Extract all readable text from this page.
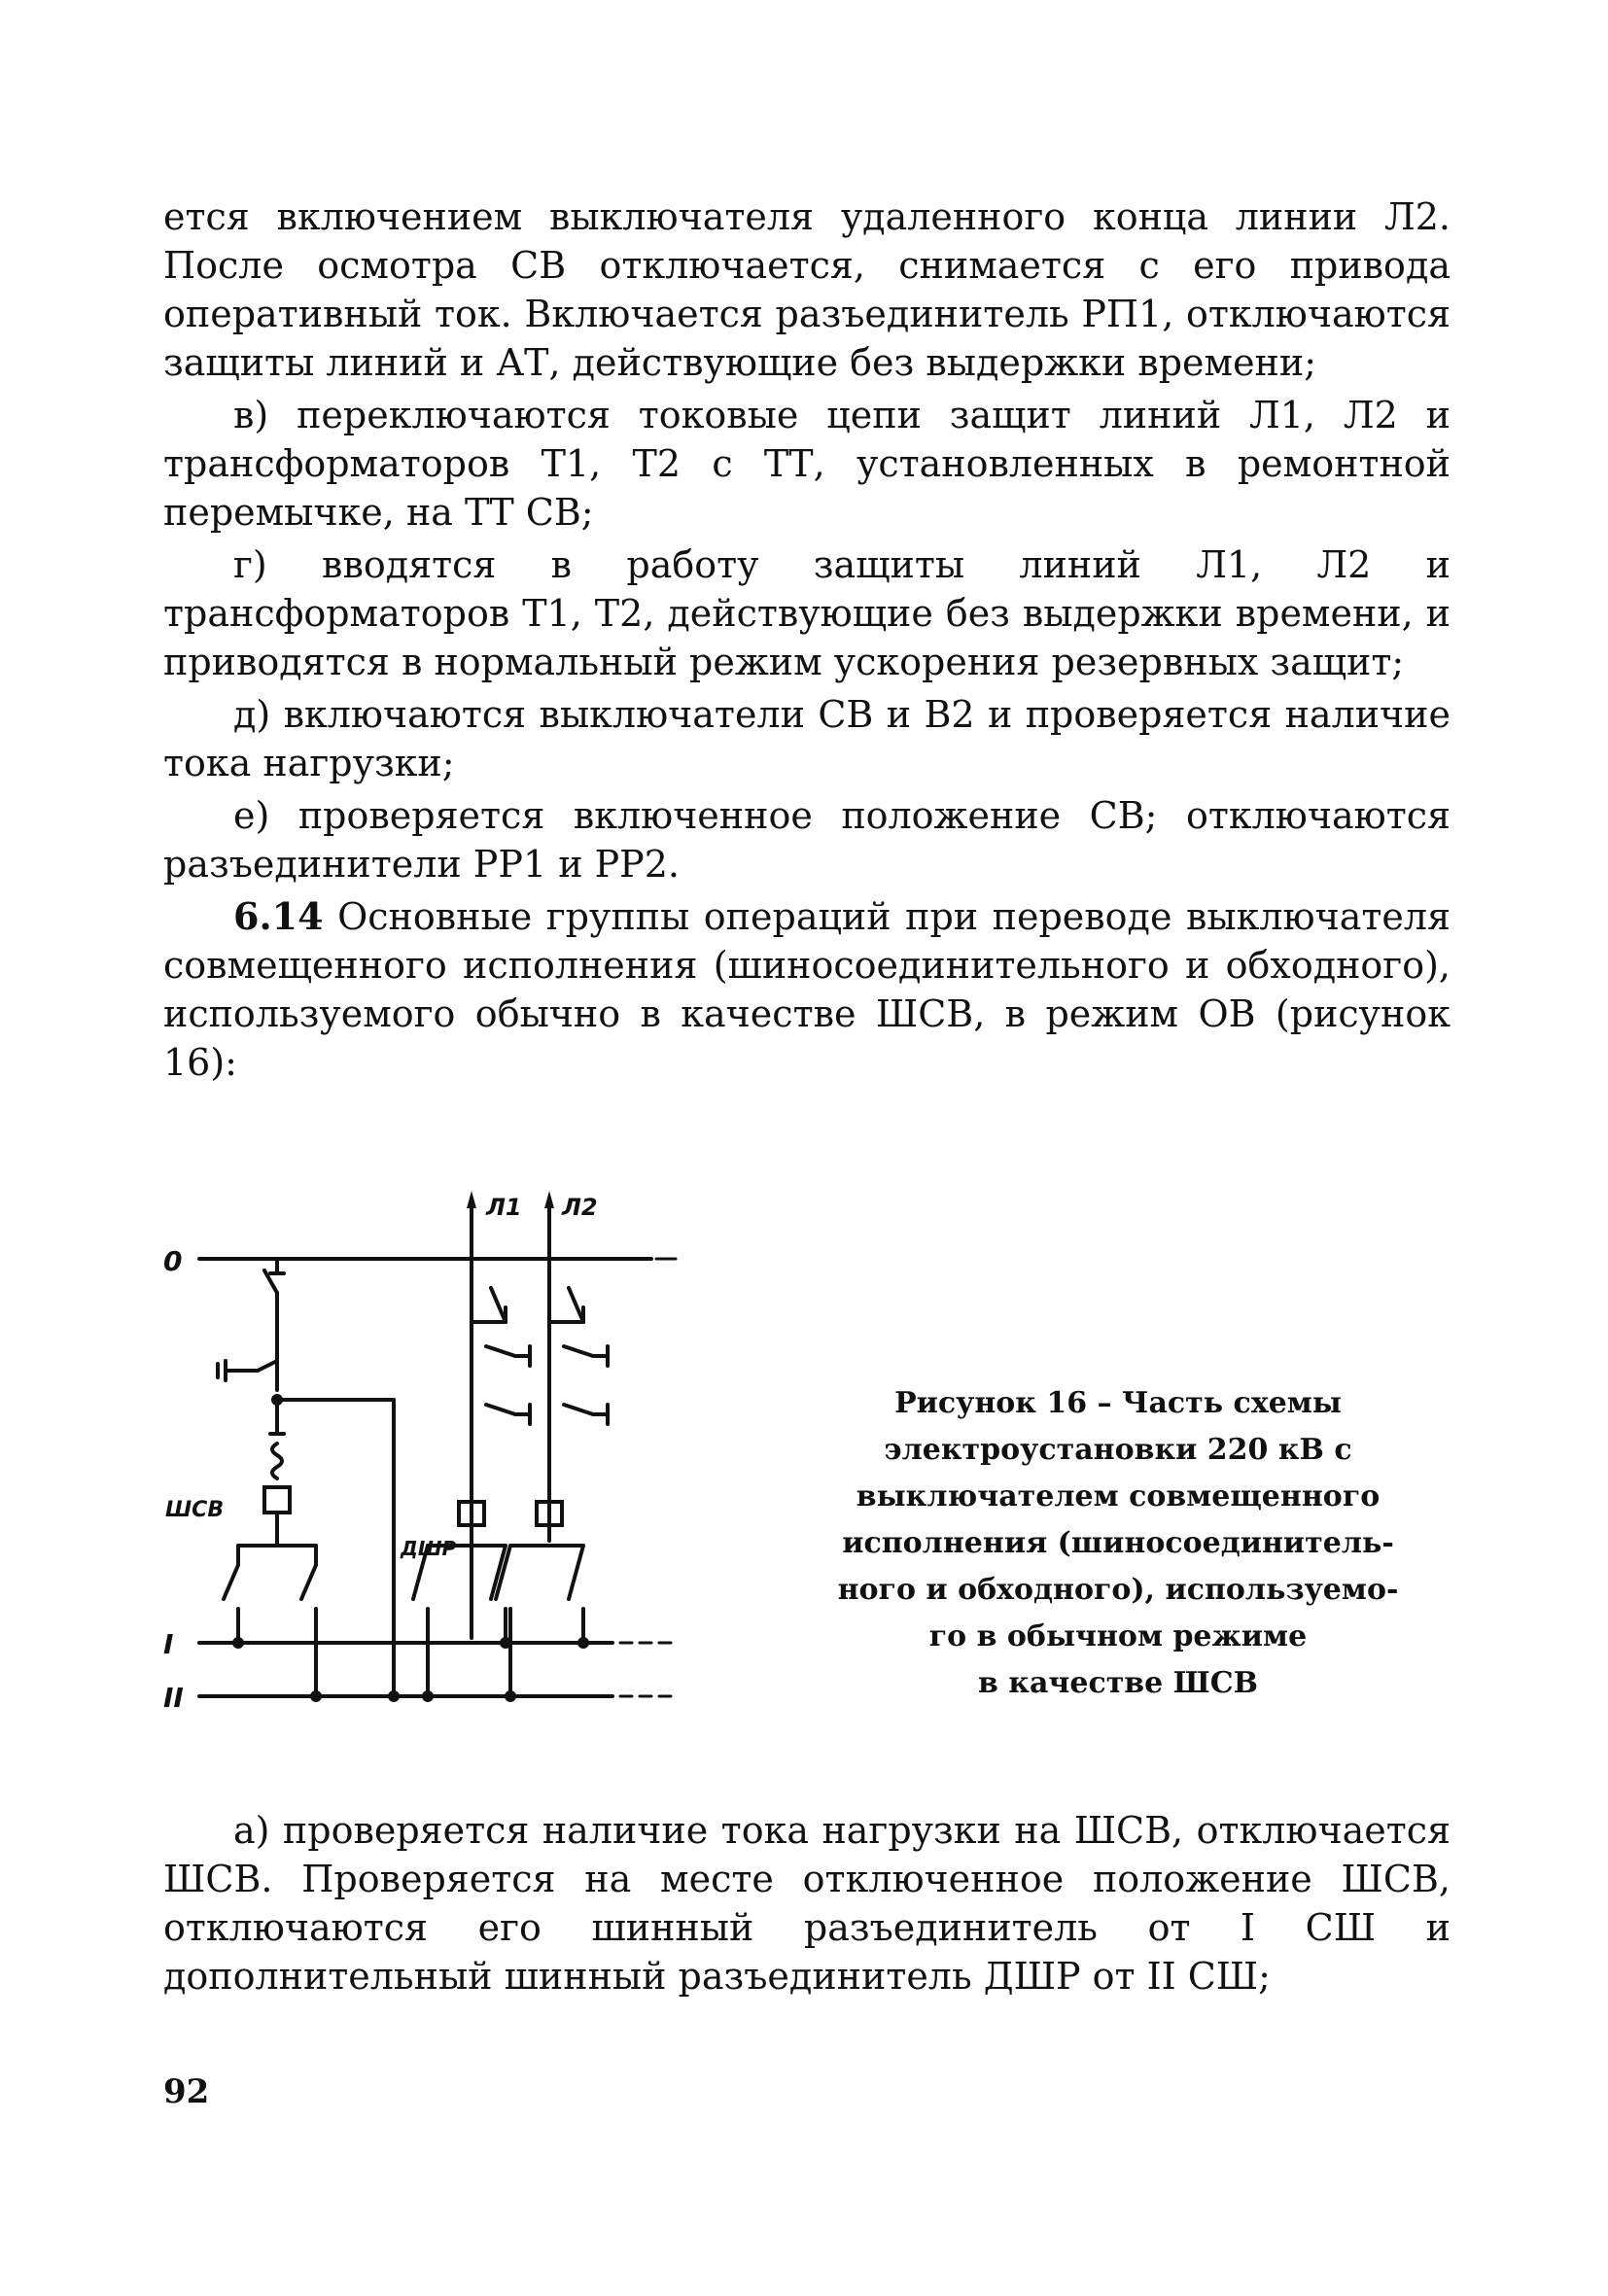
ется включением выключателя удаленного конца линии Л2. После осмотра СВ отключается, снимается с его привода оперативный ток. Включается разъединитель РП1, отключаются защиты линий и АТ, действующие без выдержки времени;

в) переключаются токовые цепи защит линий Л1, Л2 и трансформаторов Т1, Т2 с ТТ, установленных в ремонтной перемычке, на ТТ СВ;

г) вводятся в работу защиты линий Л1, Л2 и трансформаторов Т1, Т2, действующие без выдержки времени, и приводятся в нормальный режим ускорения резервных защит;

д) включаются выключатели СВ и В2 и проверяется наличие тока нагрузки;

е) проверяется включенное положение СВ; отключаются разъединители РР1 и РР2.

6.14 Основные группы операций при переводе выключателя совмещенного исполнения (шиносоединительного и обходного), используемого обычно в качестве ШСВ, в режим ОВ (рисунок 16):

0
I
II
ШСВ
ДШР
Л1 Л2
Рисунок 16 – Часть схемы
электроустановки 220 кВ с
выключателем совмещенного
исполнения (шиносоединитель-
ного и обходного), используемо-
го в обычном режиме
в качестве ШСВ

а) проверяется наличие тока нагрузки на ШСВ, отключается ШСВ. Проверяется на месте отключенное положение ШСВ, отключаются его шинный разъединитель от I СШ и дополнительный шинный разъединитель ДШР от II СШ;

92
